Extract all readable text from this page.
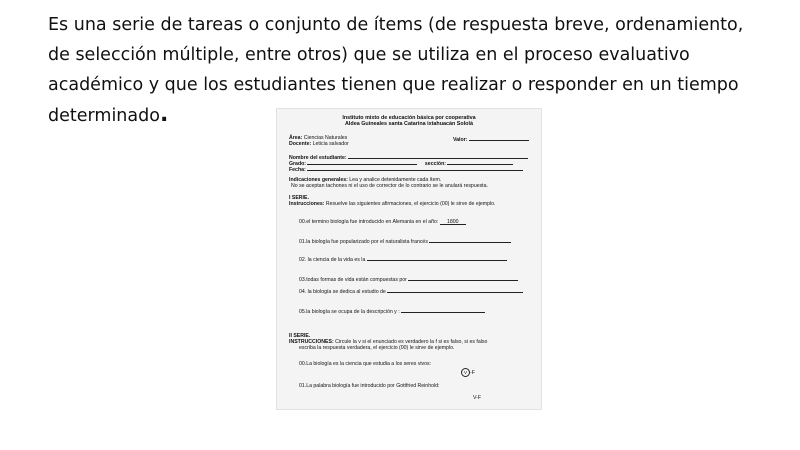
Es una serie de tareas o conjunto de ítems (de respuesta breve, ordenamiento, de selección múltiple, entre otros) que se utiliza en el proceso evaluativo académico y que los estudiantes tienen que realizar o responder en un tiempo determinado.	Instituto mixto de educación básica por cooperativa
Aldea Guineales santa Catarina ixtahuacán Sololá
Área: Ciencias Naturales	Valor:
Docente: Leticia salvador
Nombre del estudiante:
Grado:	sección:
Fecha:
Indicaciones generales: Lea y analice detenidamente cada ítem.
No se aceptan tachones ni el uso de corrector de lo contrario se le anulará respuesta.
I SERIE.
Instrucciones: Resuelve las siguientes afirmaciones, el ejercicio (00) le sirve de ejemplo.
00.el termino biología fue introducido en Alemania en el año: 1800
01.la biología fue popularizado por el naturalista francés
02. la ciencia de la vida es la
03.todas formas de vida están compuestas por
04. la biología se dedica al estudio de
05.la biología se ocupa de la descripción y :
II SERIE.
INSTRUCCIONES: Circule la v si el enunciado es verdadero la f si es falso, si es falso
escriba la respuesta verdadera, el ejercicio (00) le sirve de ejemplo.
00.La biología es la ciencia que estudia a los seres vivos:
V -F
01.La palabra biología fue introducido por Gottfried Reinhold:
V-F
